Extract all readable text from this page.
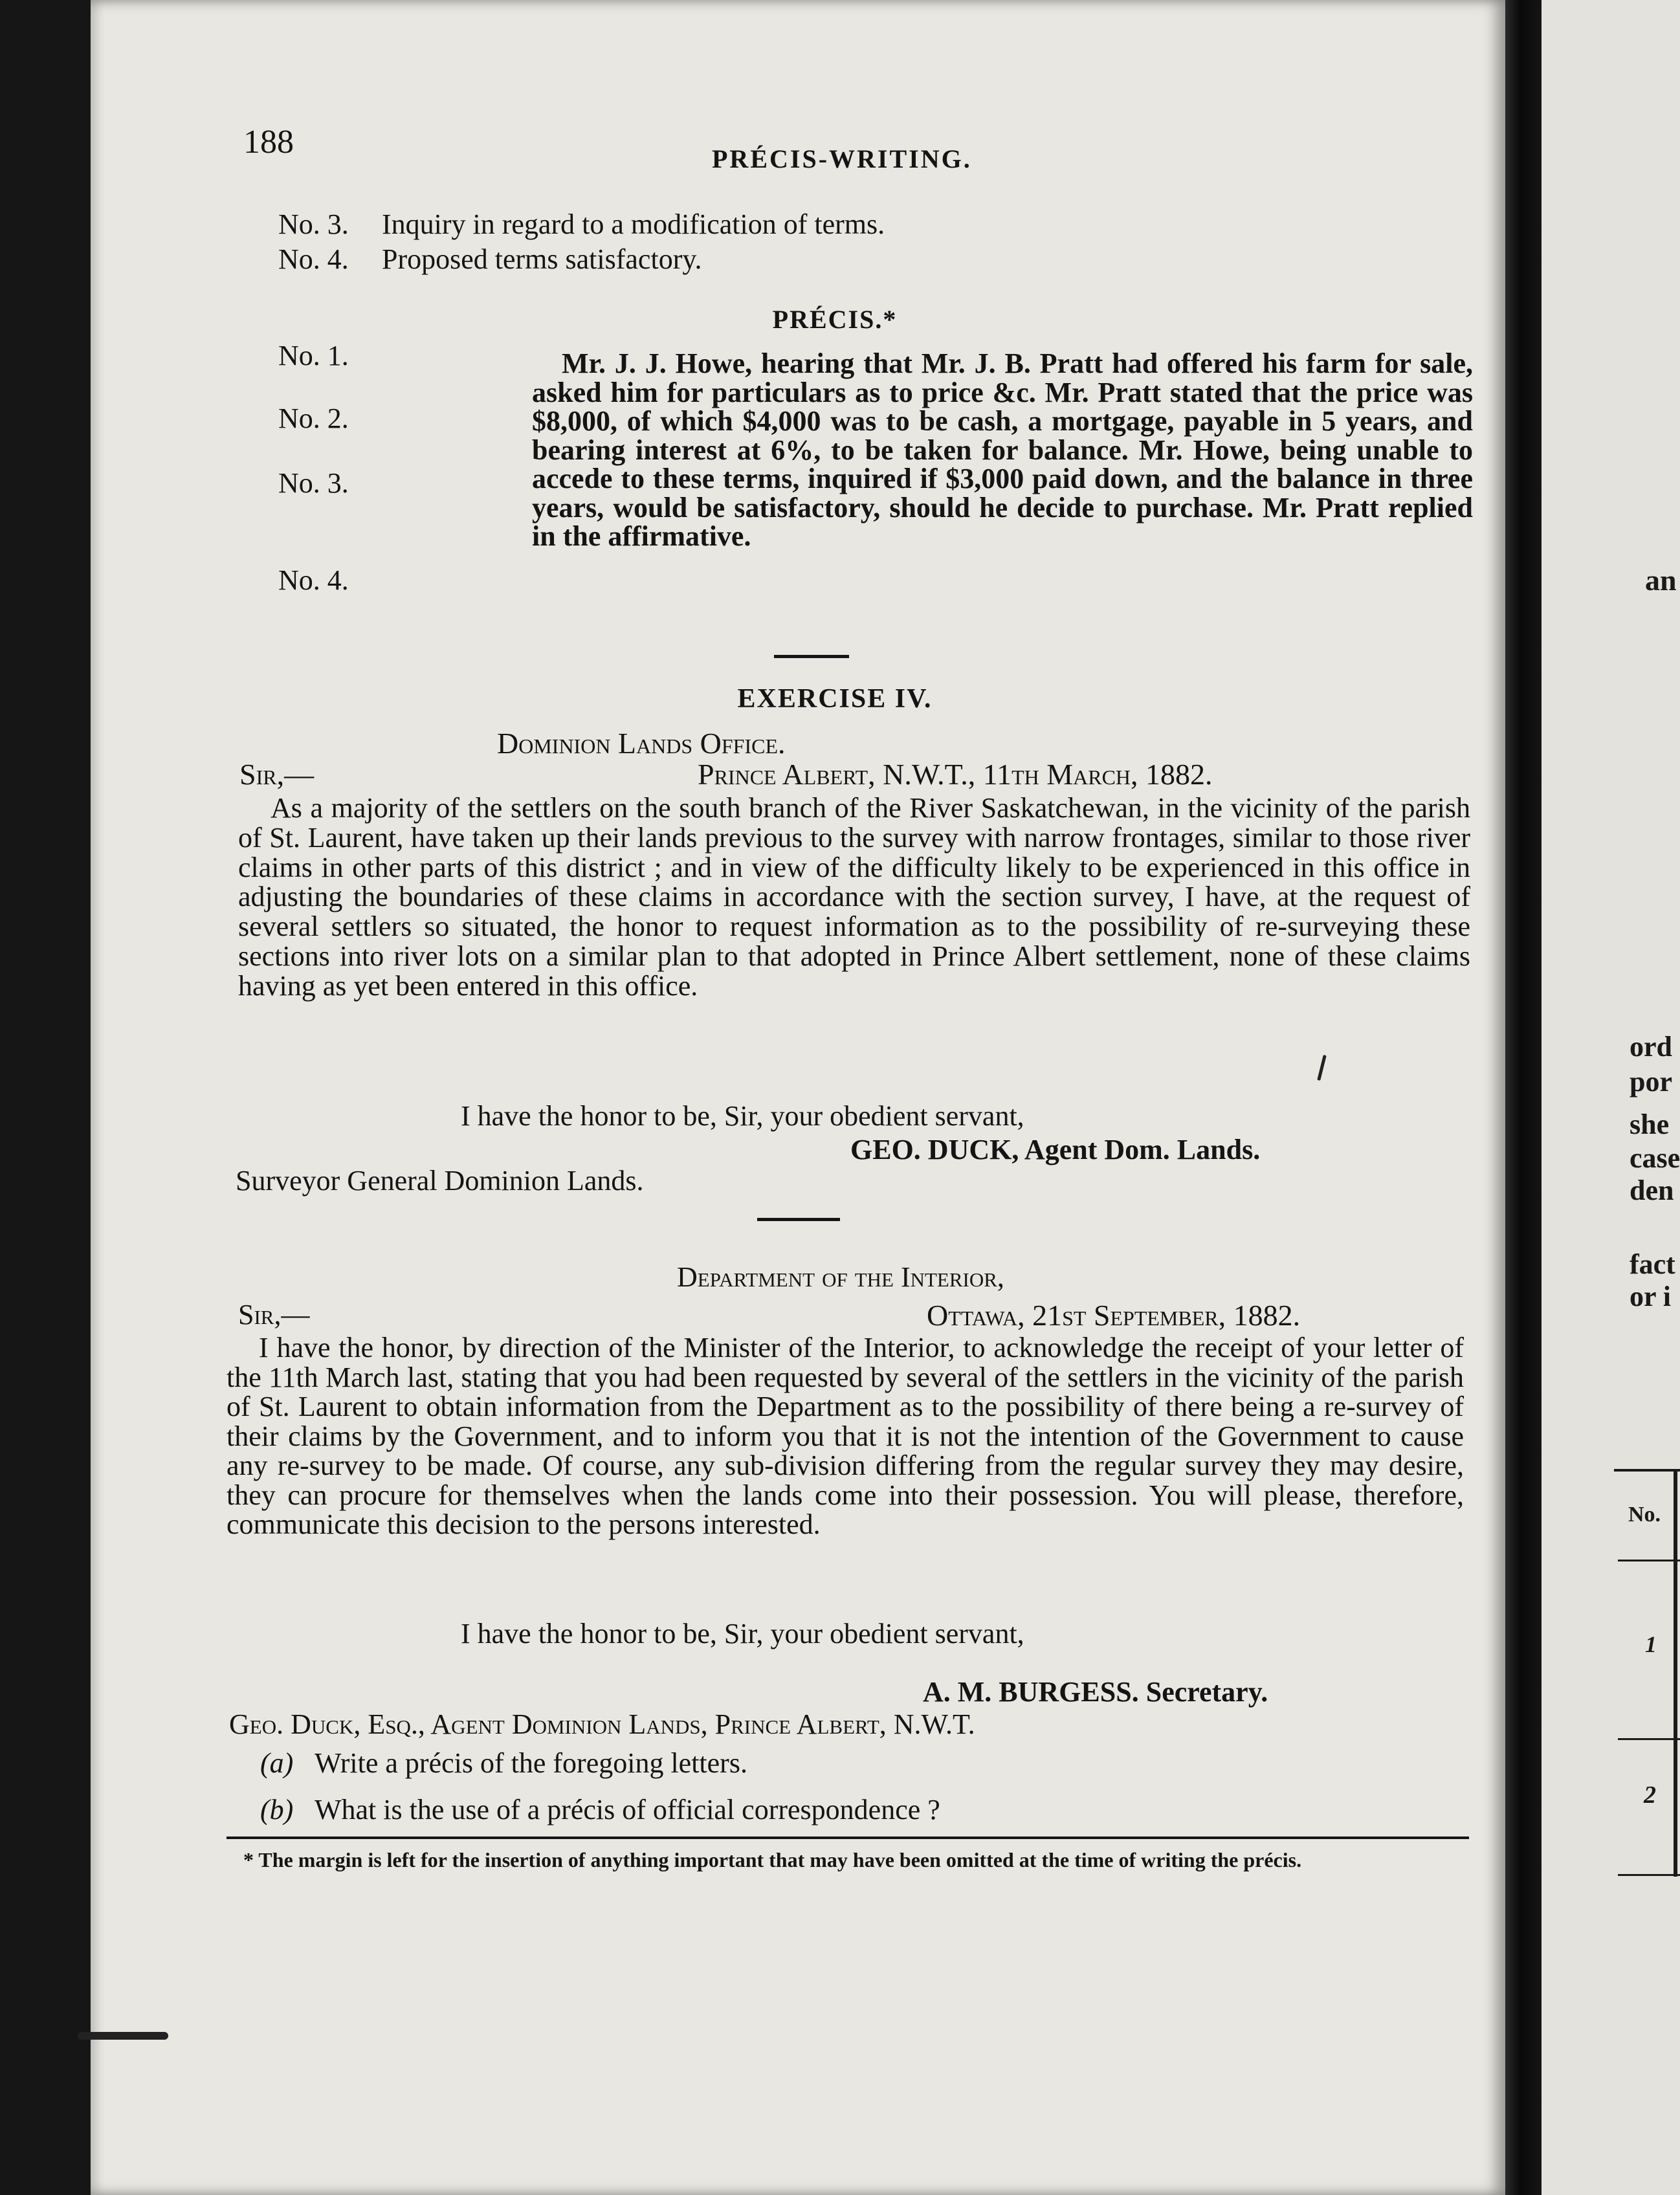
188	PRÉCIS-WRITING.
No. 3. Inquiry in regard to a modification of terms.
No. 4. Proposed terms satisfactory.
PRÉCIS.*
No. 1.
No. 2.
No. 3.
No. 4.
Mr. J. J. Howe, hearing that Mr. J. B. Pratt had offered his farm for sale, asked him for particulars as to price &c. Mr. Pratt stated that the price was $8,000, of which $4,000 was to be cash, a mortgage, payable in 5 years, and bearing interest at 6%, to be taken for balance. Mr. Howe, being unable to accede to these terms, inquired if $3,000 paid down, and the balance in three years, would be satisfactory, should he decide to purchase. Mr. Pratt replied in the affirmative.
EXERCISE IV.
Dominion Lands Office.
Sir,—	Prince Albert, N.W.T., 11th March, 1882.
As a majority of the settlers on the south branch of the River Saskatchewan, in the vicinity of the parish of St. Laurent, have taken up their lands previous to the survey with narrow frontages, similar to those river claims in other parts of this district ; and in view of the difficulty likely to be experienced in this office in adjusting the boundaries of these claims in accordance with the section survey, I have, at the request of several settlers so situated, the honor to request information as to the possibility of re-surveying these sections into river lots on a similar plan to that adopted in Prince Albert settlement, none of these claims having as yet been entered in this office.
I have the honor to be, Sir, your obedient servant,
GEO. DUCK, Agent Dom. Lands.
Surveyor General Dominion Lands.
Department of the Interior,
Sir,—	Ottawa, 21st September, 1882.
I have the honor, by direction of the Minister of the Interior, to acknowledge the receipt of your letter of the 11th March last, stating that you had been requested by several of the settlers in the vicinity of the parish of St. Laurent to obtain information from the Department as to the possibility of there being a re-survey of their claims by the Government, and to inform you that it is not the intention of the Government to cause any re-survey to be made. Of course, any sub-division differing from the regular survey they may desire, they can procure for themselves when the lands come into their possession. You will please, therefore, communicate this decision to the persons interested.
I have the honor to be, Sir, your obedient servant,
A. M. BURGESS. Secretary.
Geo. Duck, Esq., Agent Dominion Lands, Prince Albert, N.W.T.
(a) Write a précis of the foregoing letters.
(b) What is the use of a précis of official correspondence ?
* The margin is left for the insertion of anything important that may have been omitted at the time of writing the précis.
an
ord
por
she
case
den
fact
or i
No.
1
2
